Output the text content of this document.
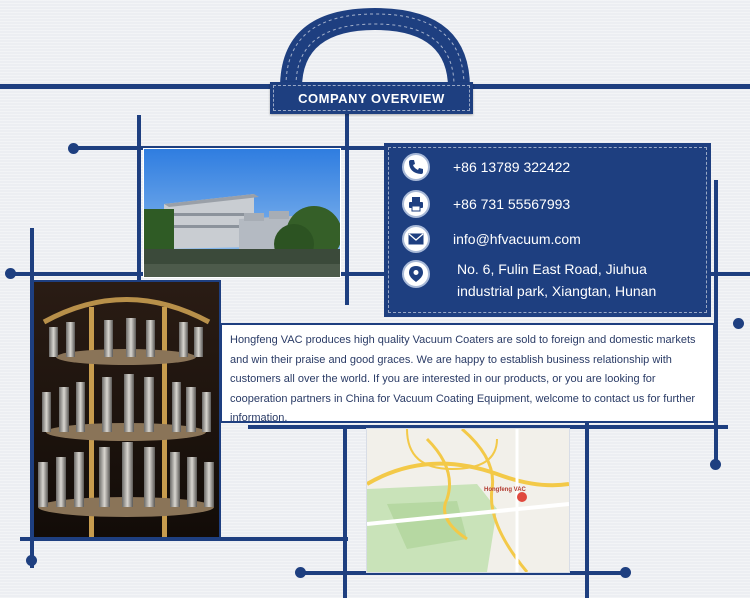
COMPANY OVERVIEW
+86 13789 322422
+86 731 55567993
info@hfvacuum.com
No. 6, Fulin East Road, Jiuhua
industrial park, Xiangtan, Hunan
Hongfeng VAC produces high quality Vacuum Coaters are sold to foreign and domestic markets and win their praise and good graces. We are happy to establish business relationship with customers all over the world. If you are interested in our products, or you are looking for cooperation partners in China for Vacuum Coating Equipment, welcome to contact us for further information.
Hongfeng VAC
